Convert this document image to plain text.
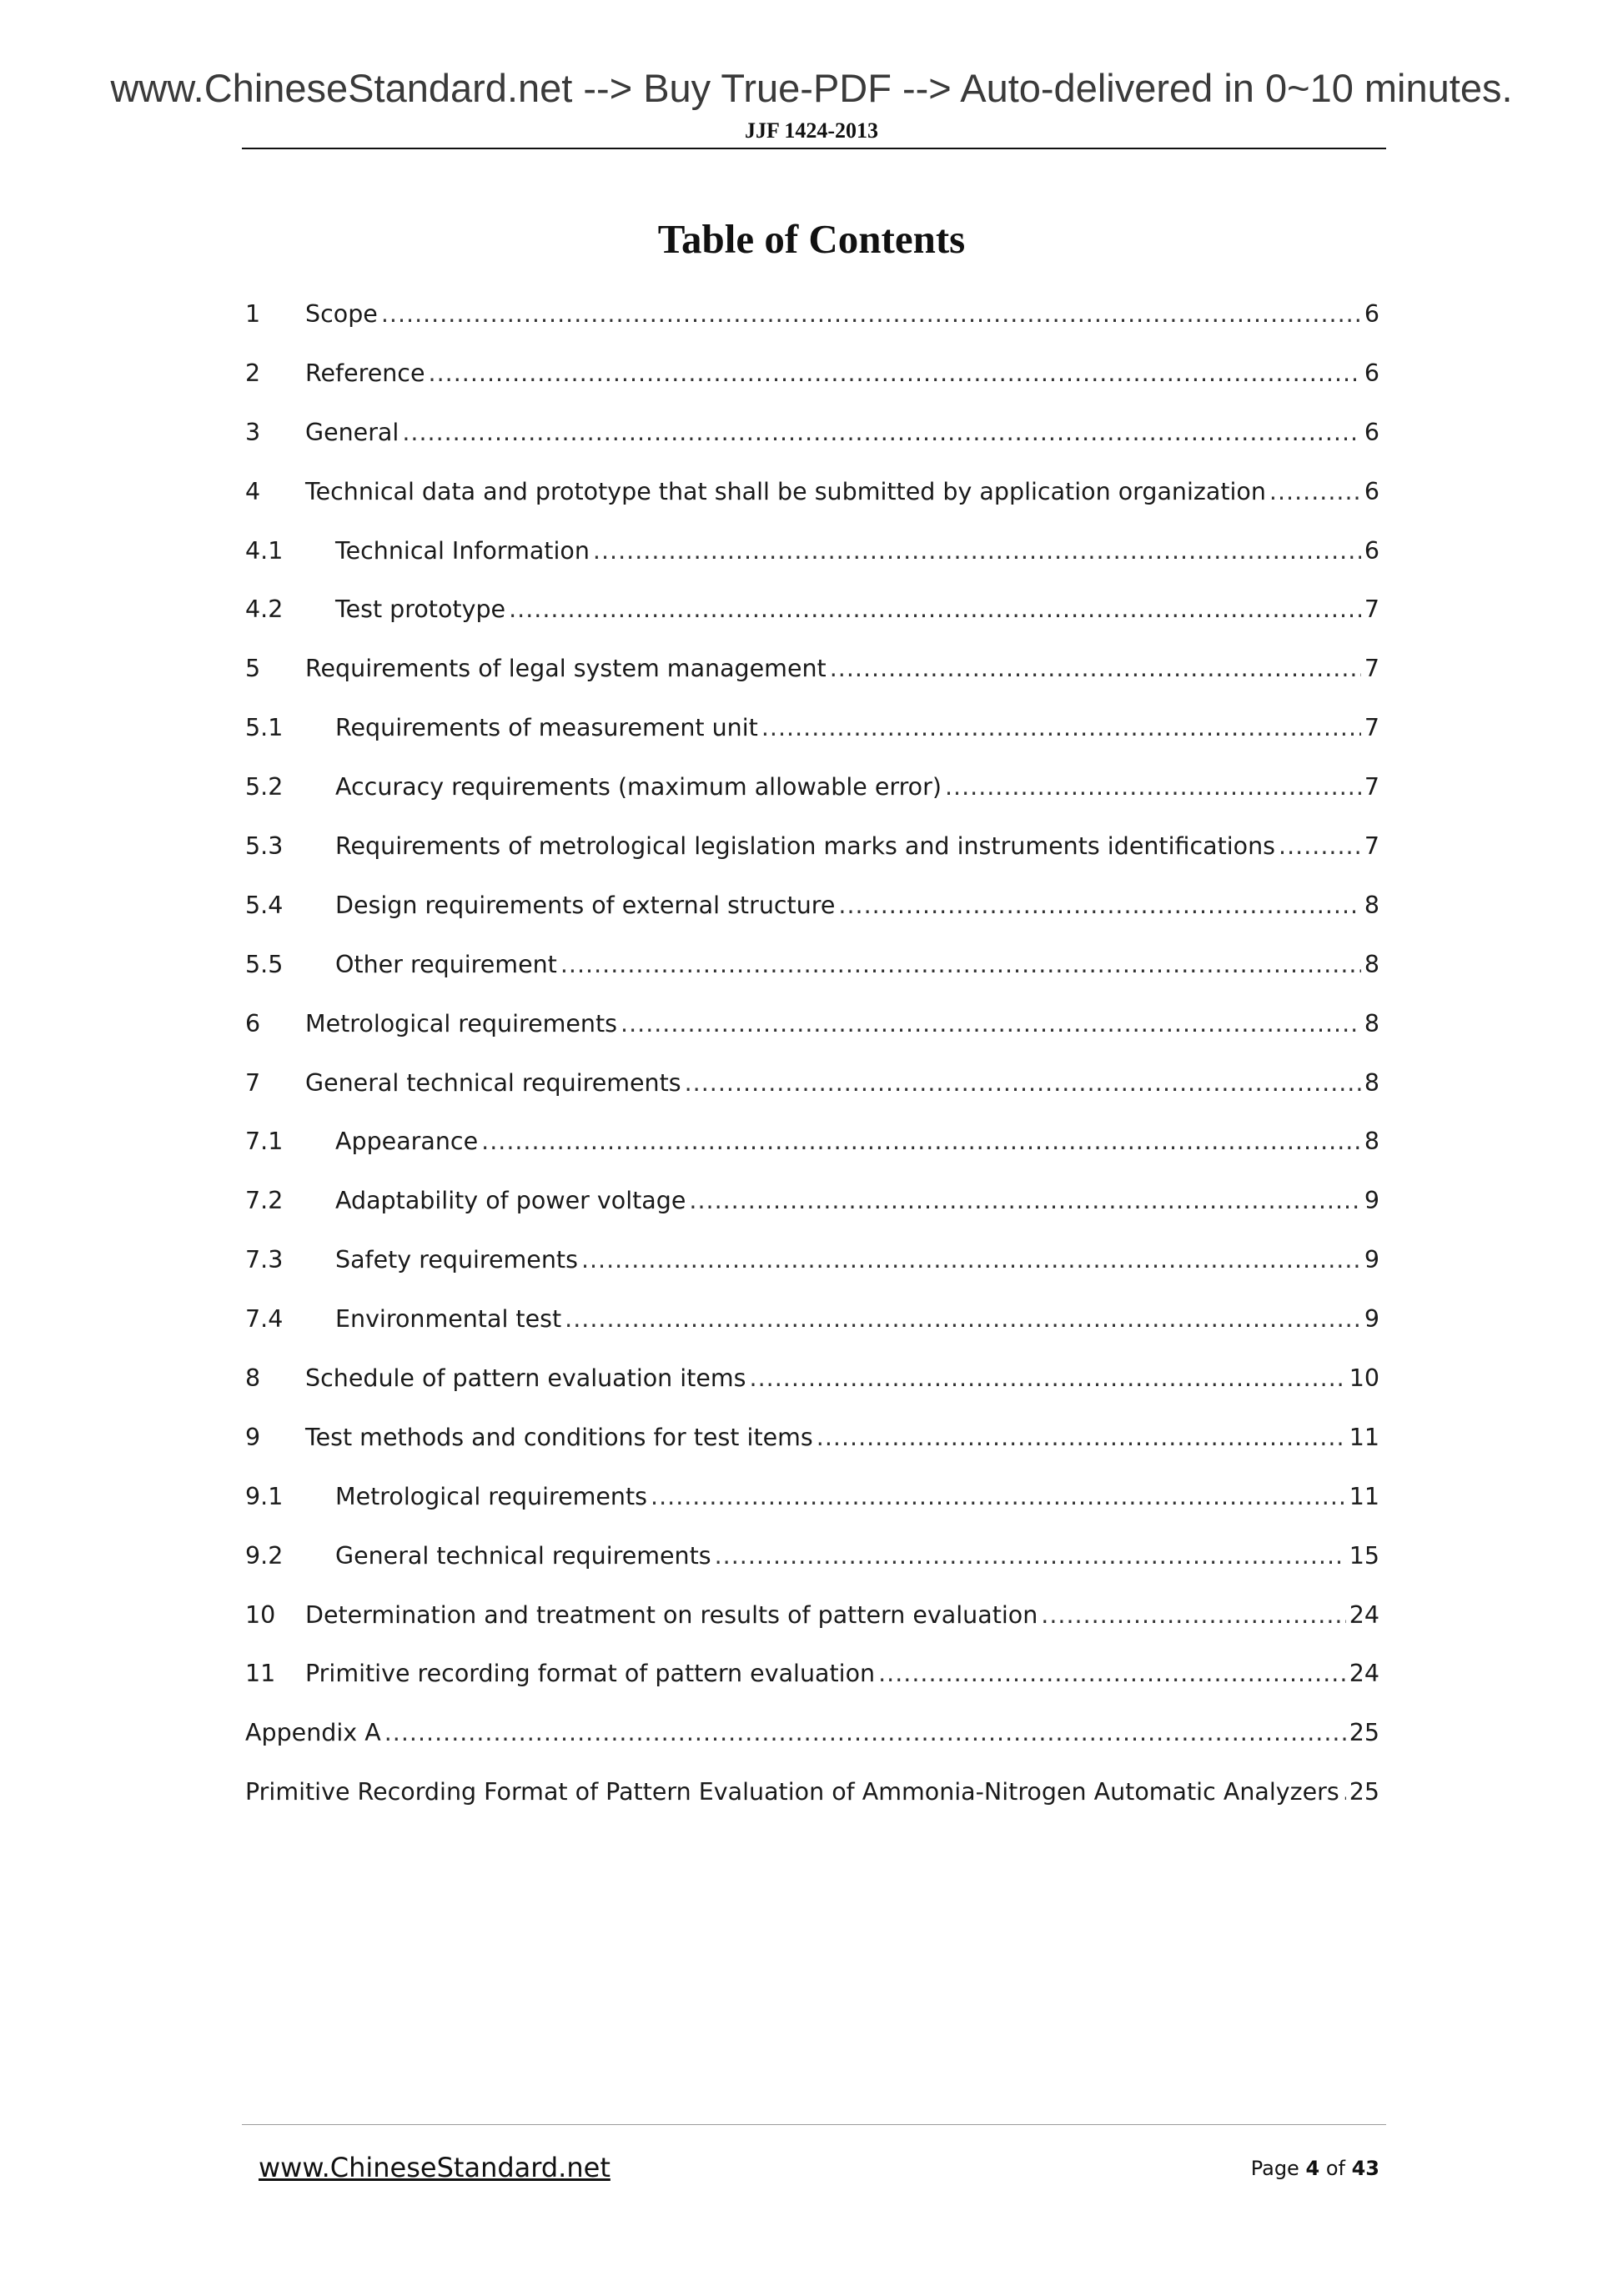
www.ChineseStandard.net --> Buy True-PDF --> Auto-delivered in 0~10 minutes.
JJF 1424-2013
Table of Contents
1	Scope .....	6
2	Reference .....	6
3	General .....	6
4	Technical data and prototype that shall be submitted by application organization .....	6
4.1	Technical Information .....	6
4.2	Test prototype .....	7
5	Requirements of legal system management .....	7
5.1	Requirements of measurement unit .....	7
5.2	Accuracy requirements (maximum allowable error) .....	7
5.3	Requirements of metrological legislation marks and instruments identifications .....	7
5.4	Design requirements of external structure .....	8
5.5	Other requirement .....	8
6	Metrological requirements .....	8
7	General technical requirements .....	8
7.1	Appearance .....	8
7.2	Adaptability of power voltage .....	9
7.3	Safety requirements .....	9
7.4	Environmental test .....	9
8	Schedule of pattern evaluation items .....	10
9	Test methods and conditions for test items .....	11
9.1	Metrological requirements .....	11
9.2	General technical requirements .....	15
10	Determination and treatment on results of pattern evaluation .....	24
11	Primitive recording format of pattern evaluation .....	24
Appendix A .....	25
Primitive Recording Format of Pattern Evaluation of Ammonia-Nitrogen Automatic Analyzers ..... 25
www.ChineseStandard.net	Page 4 of 43
